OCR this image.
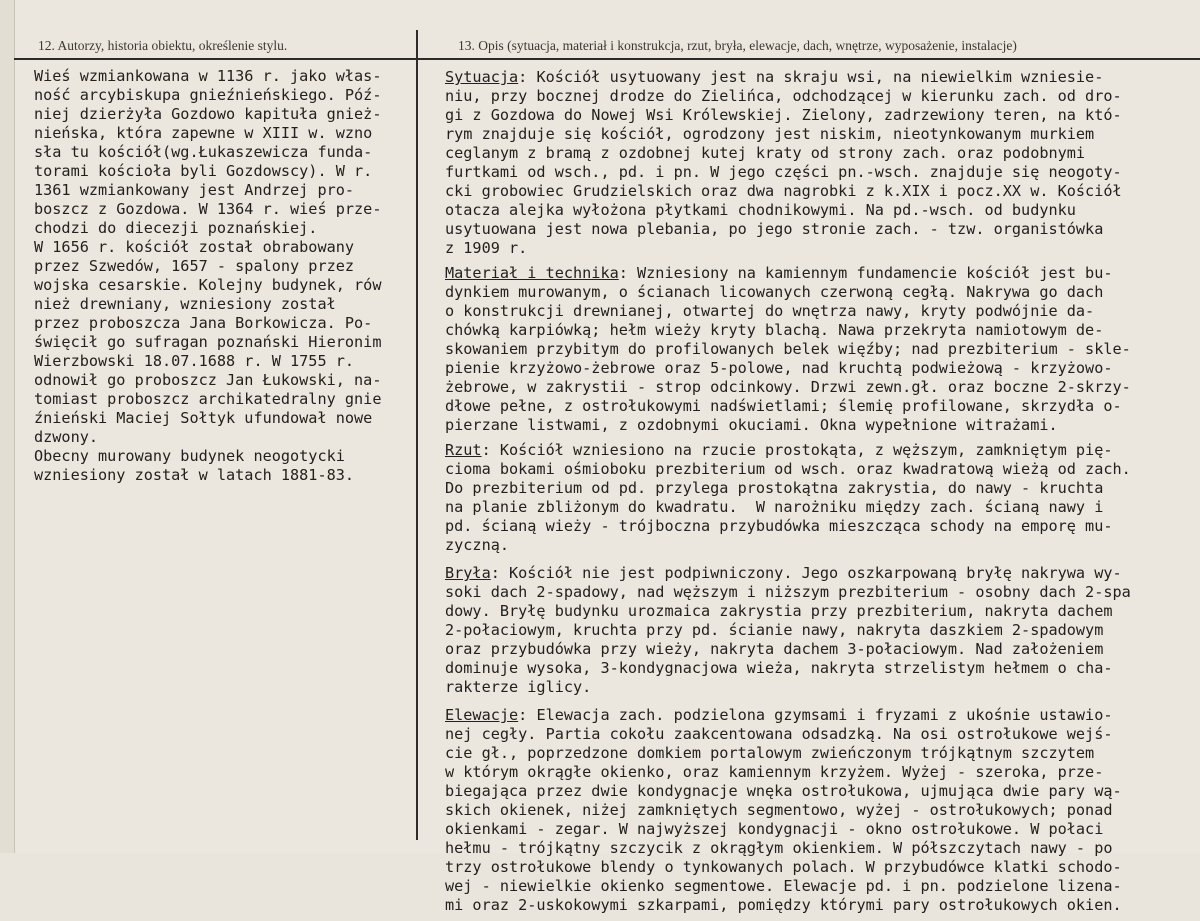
12. Autorzy, historia obiektu, określenie stylu.	13. Opis (sytuacja, materiał i konstrukcja, rzut, bryła, elewacje, dach, wnętrze, wyposażenie, instalacje)
Wieś wzmiankowana w 1136 r. jako włas-
ność arcybiskupa gnieźnieńskiego. Póź-
niej dzierżyła Gozdowo kapituła gnież-
nieńska, która zapewne w XIII w. wzno
sła tu kościół(wg.Łukaszewicza funda-
torami kościoła byli Gozdowscy). W r.
1361 wzmiankowany jest Andrzej pro-
boszcz z Gozdowa. W 1364 r. wieś prze-
chodzi do diecezji poznańskiej.
W 1656 r. kościół został obrabowany
przez Szwedów, 1657 - spalony przez
wojska cesarskie. Kolejny budynek, rów
nież drewniany, wzniesiony został
przez proboszcza Jana Borkowicza. Po-
święcił go sufragan poznański Hieronim
Wierzbowski 18.07.1688 r. W 1755 r.
odnowił go proboszcz Jan Łukowski, na-
tomiast proboszcz archikatedralny gnie
źnieński Maciej Sołtyk ufundował nowe
dzwony.
Obecny murowany budynek neogotycki
wzniesiony został w latach 1881-83.
Sytuacja: Kościół usytuowany jest na skraju wsi, na niewielkim wzniesie-
niu, przy bocznej drodze do Zielińca, odchodzącej w kierunku zach. od dro-
gi z Gozdowa do Nowej Wsi Królewskiej. Zielony, zadrzewiony teren, na któ-
rym znajduje się kościół, ogrodzony jest niskim, nieotynkowanym murkiem
ceglanym z bramą z ozdobnej kutej kraty od strony zach. oraz podobnymi
furtkami od wsch., pd. i pn. W jego części pn.-wsch. znajduje się neogoty-
cki grobowiec Grudzielskich oraz dwa nagrobki z k.XIX i pocz.XX w. Kościół
otacza alejka wyłożona płytkami chodnikowymi. Na pd.-wsch. od budynku
usytuowana jest nowa plebania, po jego stronie zach. - tzw. organistówka
z 1909 r.
Materiał i technika: Wzniesiony na kamiennym fundamencie kościół jest bu-
dynkiem murowanym, o ścianach licowanych czerwoną cegłą. Nakrywa go dach
o konstrukcji drewnianej, otwartej do wnętrza nawy, kryty podwójnie da-
chówką karpiówką; hełm wieży kryty blachą. Nawa przekryta namiotowym de-
skowaniem przybitym do profilowanych belek więźby; nad prezbiterium - skle-
pienie krzyżowo-żebrowe oraz 5-polowe, nad kruchtą podwieżową - krzyżowo-
żebrowe, w zakrystii - strop odcinkowy. Drzwi zewn.gł. oraz boczne 2-skrzy-
dłowe pełne, z ostrołukowymi nadświetlami; ślemię profilowane, skrzydła o-
pierzane listwami, z ozdobnymi okuciami. Okna wypełnione witrażami.
Rzut: Kościół wzniesiono na rzucie prostokąta, z węższym, zamkniętym pię-
cioma bokami ośmioboku prezbiterium od wsch. oraz kwadratową wieżą od zach.
Do prezbiterium od pd. przylega prostokątna zakrystia, do nawy - kruchta
na planie zbliżonym do kwadratu.  W narożniku między zach. ścianą nawy i
pd. ścianą wieży - trójboczna przybudówka mieszcząca schody na emporę mu-
zyczną.
Bryła: Kościół nie jest podpiwniczony. Jego oszkarpowaną bryłę nakrywa wy-
soki dach 2-spadowy, nad węższym i niższym prezbiterium - osobny dach 2-spa
dowy. Bryłę budynku urozmaica zakrystia przy prezbiterium, nakryta dachem
2-połaciowym, kruchta przy pd. ścianie nawy, nakryta daszkiem 2-spadowym
oraz przybudówka przy wieży, nakryta dachem 3-połaciowym. Nad założeniem
dominuje wysoka, 3-kondygnacjowa wieża, nakryta strzelistym hełmem o cha-
rakterze iglicy.
Elewacje: Elewacja zach. podzielona gzymsami i fryzami z ukośnie ustawio-
nej cegły. Partia cokołu zaakcentowana odsadzką. Na osi ostrołukowe wejś-
cie gł., poprzedzone domkiem portalowym zwieńczonym trójkątnym szczytem
w którym okrągłe okienko, oraz kamiennym krzyżem. Wyżej - szeroka, prze-
biegająca przez dwie kondygnacje wnęka ostrołukowa, ujmująca dwie pary wą-
skich okienek, niżej zamkniętych segmentowo, wyżej - ostrołukowych; ponad
okienkami - zegar. W najwyższej kondygnacji - okno ostrołukowe. W połaci
hełmu - trójkątny szczycik z okrągłym okienkiem. W półszczytach nawy - po
trzy ostrołukowe blendy o tynkowanych polach. W przybudówce klatki schodo-
wej - niewielkie okienko segmentowe. Elewacje pd. i pn. podzielone lizena-
mi oraz 2-uskokowymi szkarpami, pomiędzy którymi pary ostrołukowych okien.
